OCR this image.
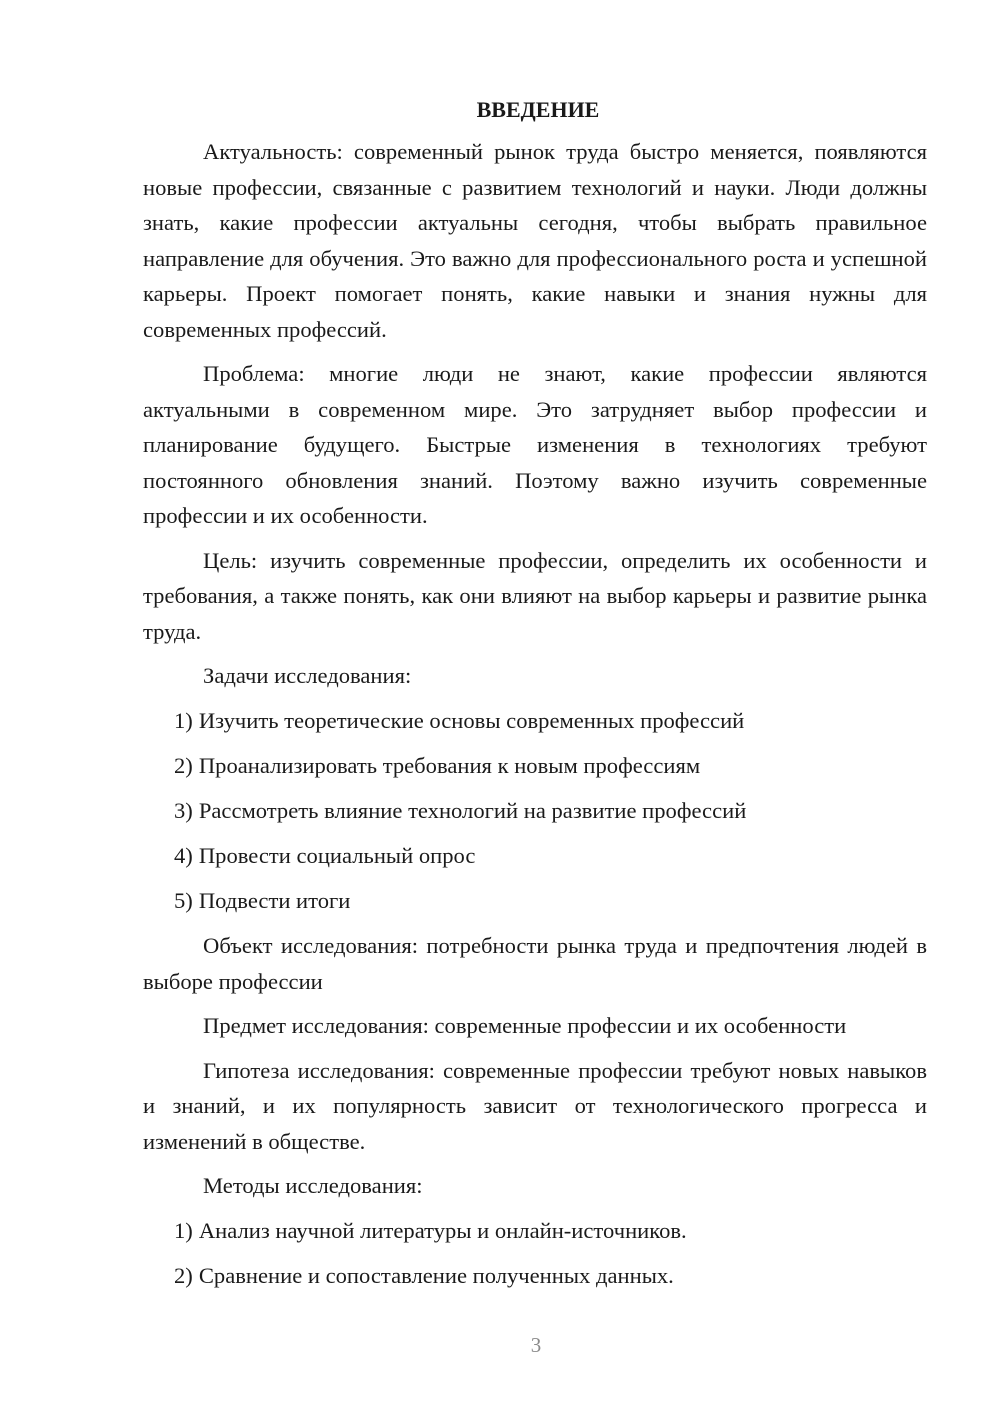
ВВЕДЕНИЕ

Актуальность: современный рынок труда быстро меняется, появляются новые профессии, связанные с развитием технологий и науки. Люди должны знать, какие профессии актуальны сегодня, чтобы выбрать правильное направление для обучения. Это важно для профессионального роста и успешной карьеры. Проект помогает понять, какие навыки и знания нужны для современных профессий.

Проблема: многие люди не знают, какие профессии являются актуальными в современном мире. Это затрудняет выбор профессии и планирование будущего. Быстрые изменения в технологиях требуют постоянного обновления знаний. Поэтому важно изучить современные профессии и их особенности.

Цель: изучить современные профессии, определить их особенности и требования, а также понять, как они влияют на выбор карьеры и развитие рынка труда.

Задачи исследования:

1) Изучить теоретические основы современных профессий
2) Проанализировать требования к новым профессиям
3) Рассмотреть влияние технологий на развитие профессий
4) Провести социальный опрос
5) Подвести итоги

Объект исследования: потребности рынка труда и предпочтения людей в выборе профессии

Предмет исследования: современные профессии и их особенности

Гипотеза исследования: современные профессии требуют новых навыков и знаний, и их популярность зависит от технологического прогресса и изменений в обществе.

Методы исследования:

1) Анализ научной литературы и онлайн-источников.
2) Сравнение и сопоставление полученных данных.
3
